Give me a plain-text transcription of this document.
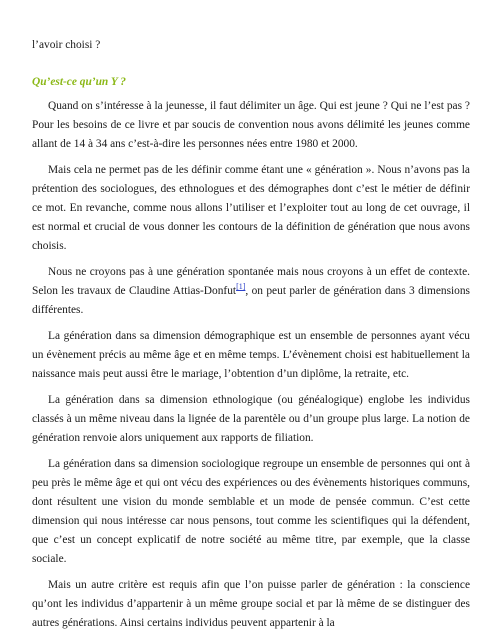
l’avoir choisi ?

Qu’est-ce qu’un Y ?

Quand on s’intéresse à la jeunesse, il faut délimiter un âge. Qui est jeune ? Qui ne l’est pas ? Pour les besoins de ce livre et par soucis de convention nous avons délimité les jeunes comme allant de 14 à 34 ans c’est-à-dire les personnes nées entre 1980 et 2000.

Mais cela ne permet pas de les définir comme étant une « génération ». Nous n’avons pas la prétention des sociologues, des ethnologues et des démographes dont c’est le métier de définir ce mot. En revanche, comme nous allons l’utiliser et l’exploiter tout au long de cet ouvrage, il est normal et crucial de vous donner les contours de la définition de génération que nous avons choisis.

Nous ne croyons pas à une génération spontanée mais nous croyons à un effet de contexte. Selon les travaux de Claudine Attias-Donfut[1], on peut parler de génération dans 3 dimensions différentes.

La génération dans sa dimension démographique est un ensemble de personnes ayant vécu un évènement précis au même âge et en même temps. L’évènement choisi est habituellement la naissance mais peut aussi être le mariage, l’obtention d’un diplôme, la retraite, etc.

La génération dans sa dimension ethnologique (ou généalogique) englobe les individus classés à un même niveau dans la lignée de la parentèle ou d’un groupe plus large. La notion de génération renvoie alors uniquement aux rapports de filiation.

La génération dans sa dimension sociologique regroupe un ensemble de personnes qui ont à peu près le même âge et qui ont vécu des expériences ou des évènements historiques communs, dont résultent une vision du monde semblable et un mode de pensée commun. C’est cette dimension qui nous intéresse car nous pensons, tout comme les scientifiques qui la défendent, que c’est un concept explicatif de notre société au même titre, par exemple, que la classe sociale.

Mais un autre critère est requis afin que l’on puisse parler de génération : la conscience qu’ont les individus d’appartenir à un même groupe social et par là même de se distinguer des autres générations. Ainsi certains individus peuvent appartenir à la
